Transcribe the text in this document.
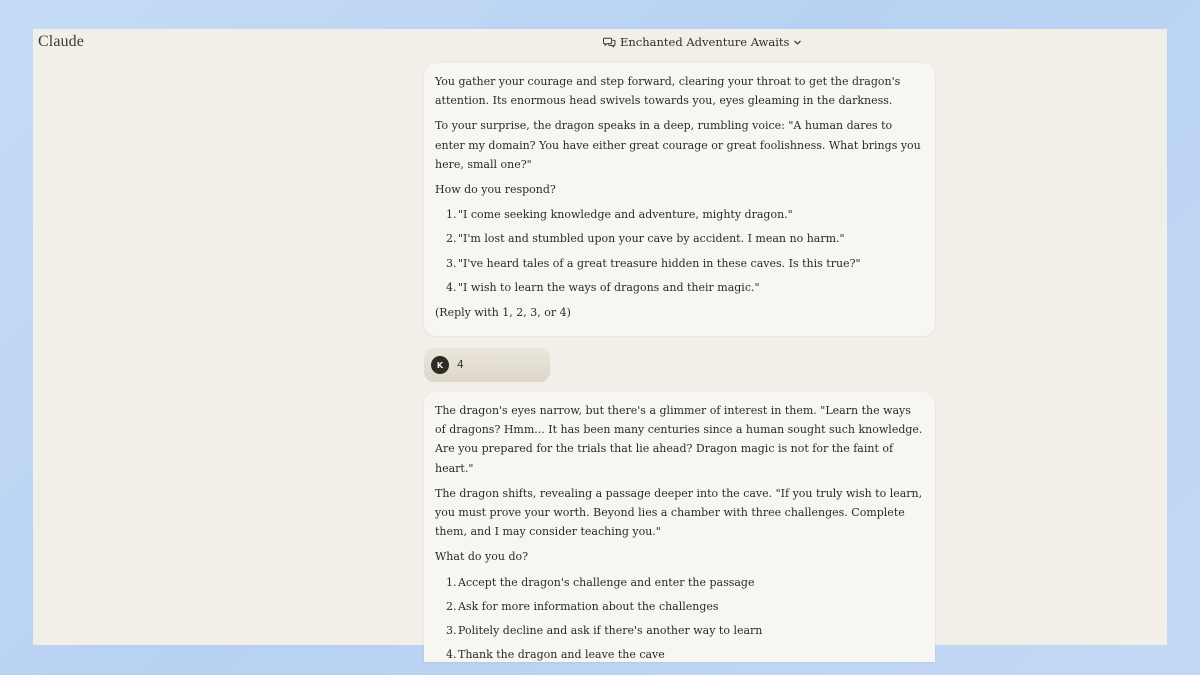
Claude	Enchanted Adventure Awaits

You gather your courage and step forward, clearing your throat to get the dragon's attention. Its enormous head swivels towards you, eyes gleaming in the darkness.

To your surprise, the dragon speaks in a deep, rumbling voice: "A human dares to enter my domain? You have either great courage or great foolishness. What brings you here, small one?"

How do you respond?

1. "I come seeking knowledge and adventure, mighty dragon."
2. "I'm lost and stumbled upon your cave by accident. I mean no harm."
3. "I've heard tales of a great treasure hidden in these caves. Is this true?"
4. "I wish to learn the ways of dragons and their magic."

(Reply with 1, 2, 3, or 4)

K	4

The dragon's eyes narrow, but there's a glimmer of interest in them. "Learn the ways of dragons? Hmm... It has been many centuries since a human sought such knowledge. Are you prepared for the trials that lie ahead? Dragon magic is not for the faint of heart."

The dragon shifts, revealing a passage deeper into the cave. "If you truly wish to learn, you must prove your worth. Beyond lies a chamber with three challenges. Complete them, and I may consider teaching you."

What do you do?

1. Accept the dragon's challenge and enter the passage
2. Ask for more information about the challenges
3. Politely decline and ask if there's another way to learn
4. Thank the dragon and leave the cave
